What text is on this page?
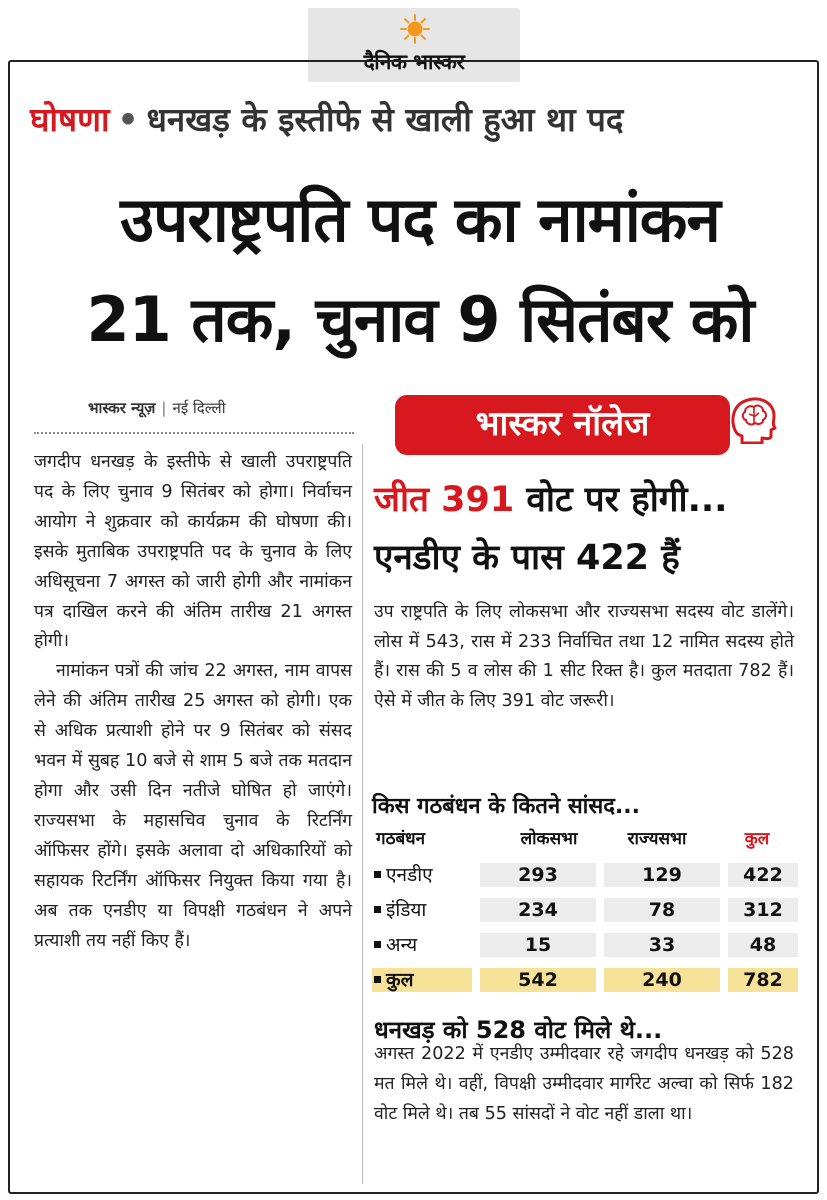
दैनिक भास्कर
घोषणा • धनखड़ के इस्तीफे से खाली हुआ था पद
उपराष्ट्रपति पद का नामांकन
21 तक, चुनाव 9 सितंबर को
भास्कर न्यूज़ | नई दिल्ली

जगदीप धनखड़ के इस्तीफे से खाली उपराष्ट्रपति पद के लिए चुनाव 9 सितंबर को होगा। निर्वाचन आयोग ने शुक्रवार को कार्यक्रम की घोषणा की। इसके मुताबिक उपराष्ट्रपति पद के चुनाव के लिए अधिसूचना 7 अगस्त को जारी होगी और नामांकन पत्र दाखिल करने की अंतिम तारीख 21 अगस्त होगी।

नामांकन पत्रों की जांच 22 अगस्त, नाम वापस लेने की अंतिम तारीख 25 अगस्त को होगी। एक से अधिक प्रत्याशी होने पर 9 सितंबर को संसद भवन में सुबह 10 बजे से शाम 5 बजे तक मतदान होगा और उसी दिन नतीजे घोषित हो जाएंगे। राज्यसभा के महासचिव चुनाव के रिटर्निंग ऑफिसर होंगे। इसके अलावा दो अधिकारियों को सहायक रिटर्निंग ऑफिसर नियुक्त किया गया है। अब तक एनडीए या विपक्षी गठबंधन ने अपने प्रत्याशी तय नहीं किए हैं।

भास्कर नॉलेज
जीत 391 वोट पर होगी...
एनडीए के पास 422 हैं
उप राष्ट्रपति के लिए लोकसभा और राज्यसभा सदस्य वोट डालेंगे। लोस में 543, रास में 233 निर्वाचित तथा 12 नामित सदस्य होते हैं। रास की 5 व लोस की 1 सीट रिक्त है। कुल मतदाता 782 हैं। ऐसे में जीत के लिए 391 वोट जरूरी।
किस गठबंधन के कितने सांसद...
गठबंधन	लोकसभा	राज्यसभा	कुल
एनडीए	293	129	422
इंडिया	234	78	312
अन्य	15	33	48
कुल	542	240	782
धनखड़ को 528 वोट मिले थे...
अगस्त 2022 में एनडीए उम्मीदवार रहे जगदीप धनखड़ को 528 मत मिले थे। वहीं, विपक्षी उम्मीदवार मार्गरेट अल्वा को सिर्फ 182 वोट मिले थे। तब 55 सांसदों ने वोट नहीं डाला था।
